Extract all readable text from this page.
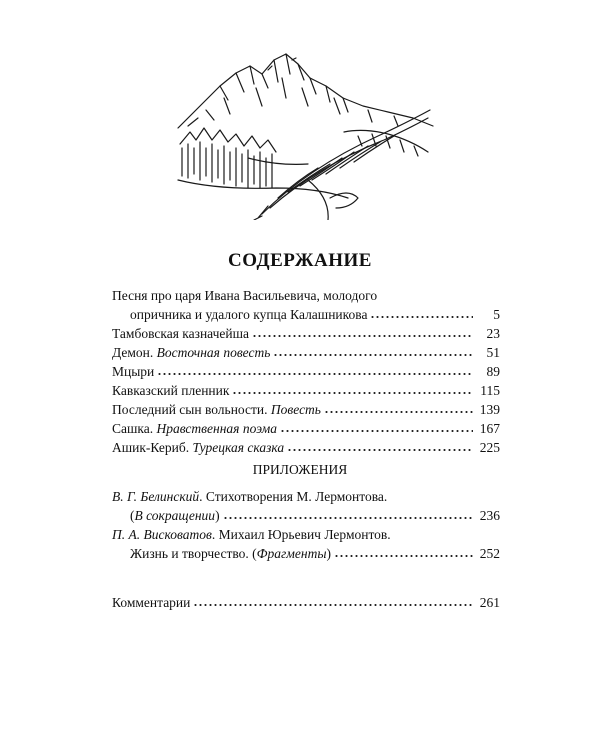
СОДЕРЖАНИЕ
Песня про царя Ивана Васильевича, молодого
опричника и удалого купца Калашникова	5
Тамбовская казначейша	23
Демон. Восточная повесть	51
Мцыри	89
Кавказский пленник	115
Последний сын вольности. Повесть	139
Сашка. Нравственная поэма	167
Ашик-Кериб. Турецкая сказка	225
ПРИЛОЖЕНИЯ
В. Г. Белинский. Стихотворения М. Лермонтова.
(В сокращении)	236
П. А. Висковатов. Михаил Юрьевич Лермонтов.
Жизнь и творчество. (Фрагменты)	252
Комментарии	261
